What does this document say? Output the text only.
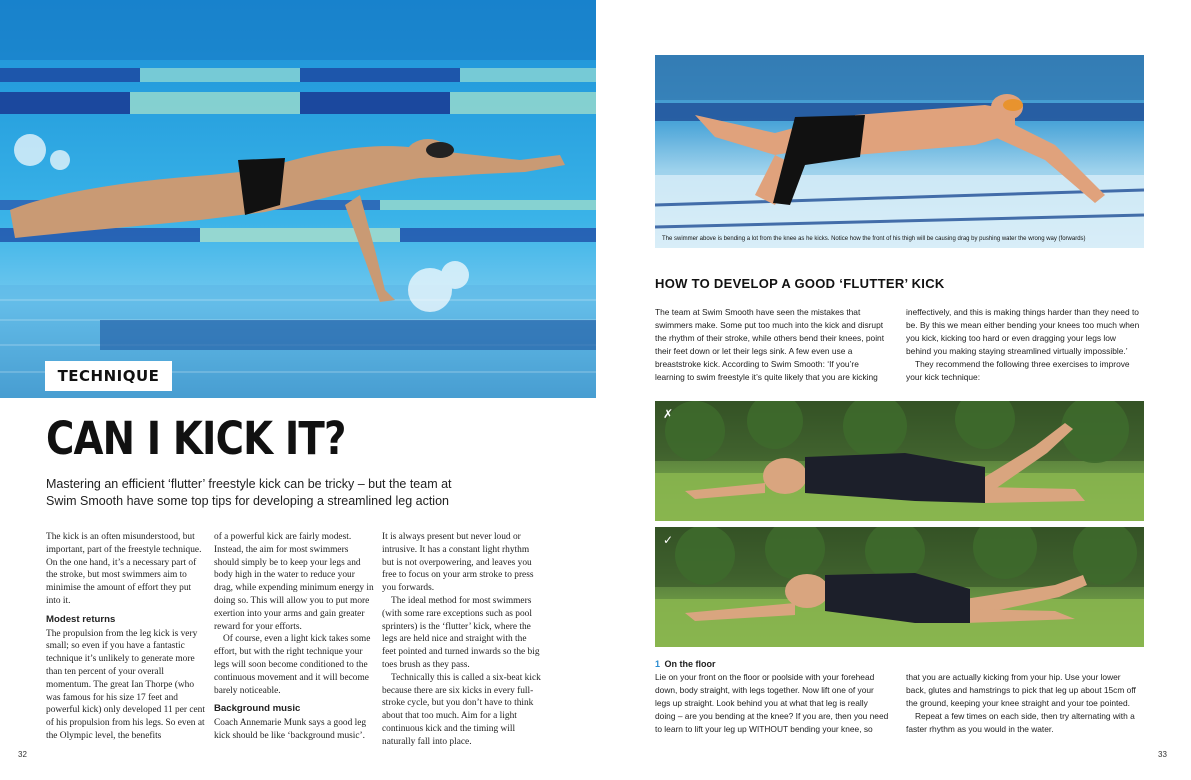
TECHNIQUE
CAN I KICK IT?

Mastering an efficient ‘flutter’ freestyle kick can be tricky – but the team at Swim Smooth have some top tips for developing a streamlined leg action

The kick is an often misunderstood, but important, part of the freestyle technique. On the one hand, it’s a necessary part of the stroke, but most swimmers aim to minimise the amount of effort they put into it.

Modest returns

The propulsion from the leg kick is very small; so even if you have a fantastic technique it’s unlikely to generate more than ten percent of your overall momentum. The great Ian Thorpe (who was famous for his size 17 feet and powerful kick) only developed 11 per cent of his propulsion from his legs. So even at the Olympic level, the benefits

of a powerful kick are fairly modest. Instead, the aim for most swimmers should simply be to keep your legs and body high in the water to reduce your drag, while expending minimum energy in doing so. This will allow you to put more exertion into your arms and gain greater reward for your efforts.

Of course, even a light kick takes some effort, but with the right technique your legs will soon become conditioned to the continuous movement and it will become barely noticeable.

Background music

Coach Annemarie Munk says a good leg kick should be like ‘background music’.

It is always present but never loud or intrusive. It has a constant light rhythm but is not overpowering, and leaves you free to focus on your arm stroke to press you forwards.

The ideal method for most swimmers (with some rare exceptions such as pool sprinters) is the ‘flutter’ kick, where the legs are held nice and straight with the feet pointed and turned inwards so the big toes brush as they pass.

Technically this is called a six-beat kick because there are six kicks in every full-stroke cycle, but you don’t have to think about that too much. Aim for a light continuous kick and the timing will naturally fall into place.

32
The swimmer above is bending a lot from the knee as he kicks. Notice how the front of his thigh will be causing drag by pushing water the wrong way (forwards)
HOW TO DEVELOP A GOOD ‘FLUTTER’ KICK

The team at Swim Smooth have seen the mistakes that swimmers make. Some put too much into the kick and disrupt the rhythm of their stroke, while others bend their knees, point their feet down or let their legs sink. A few even use a breaststroke kick. According to Swim Smooth: ‘If you’re learning to swim freestyle it’s quite likely that you are kicking

ineffectively, and this is making things harder than they need to be. By this we mean either bending your knees too much when you kick, kicking too hard or even dragging your legs low behind you making staying streamlined virtually impossible.’

They recommend the following three exercises to improve your kick technique:

✗
✓
1 On the floor

Lie on your front on the floor or poolside with your forehead down, body straight, with legs together. Now lift one of your legs up straight. Look behind you at what that leg is really doing – are you bending at the knee? If you are, then you need to learn to lift your leg up WITHOUT bending your knee, so

that you are actually kicking from your hip. Use your lower back, glutes and hamstrings to pick that leg up about 15cm off the ground, keeping your knee straight and your toe pointed.

Repeat a few times on each side, then try alternating with a faster rhythm as you would in the water.

33
